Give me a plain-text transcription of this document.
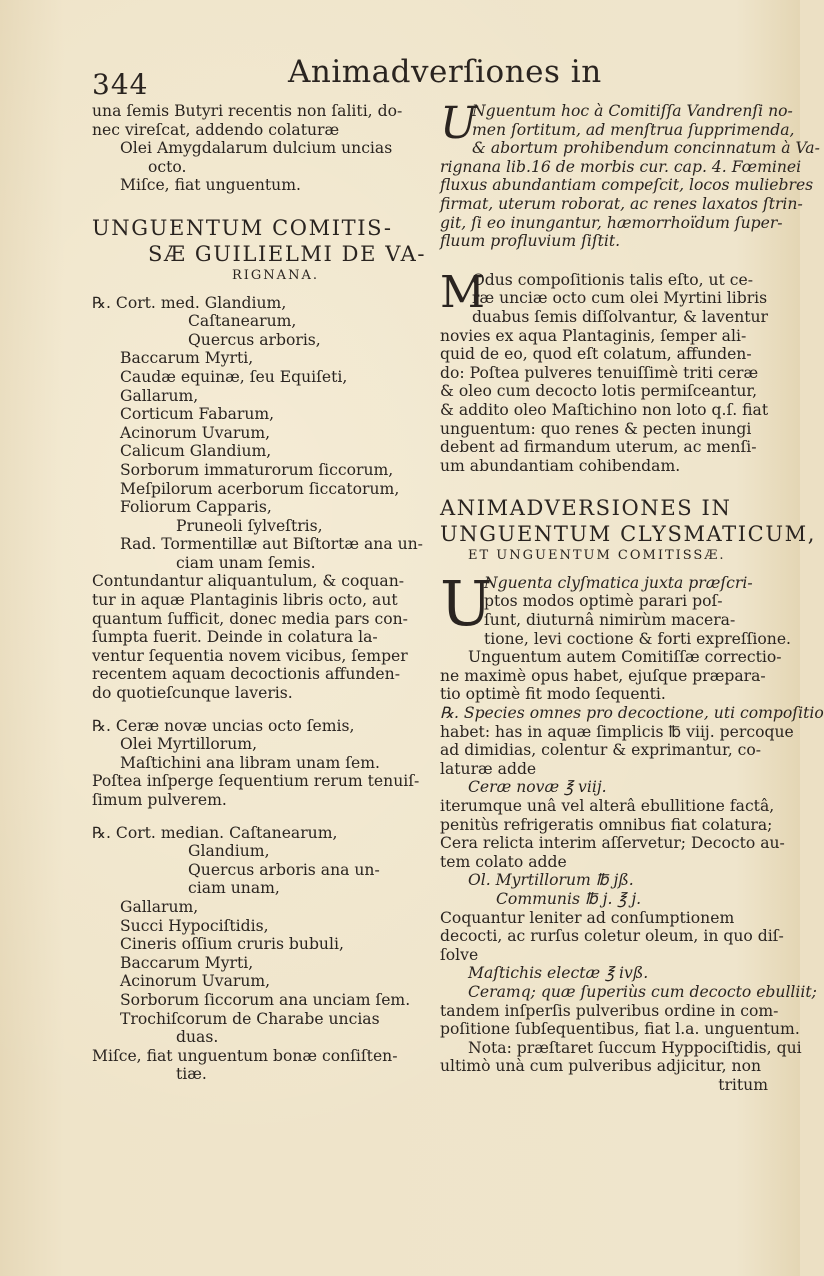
344	Animadverſiones in
una ſemis Butyri recentis non ſaliti, do-
nec vireſcat, addendo colaturæ
Olei Amygdalarum dulcium uncias
octo.
Miſce, fiat unguentum.
UNGUENTUM COMITIS-
SÆ GUILIELMI DE VA-
RIGNANA.
℞. Cort. med. Glandium,
Caſtanearum,
Quercus arboris,
Baccarum Myrti,
Caudæ equinæ, ſeu Equiſeti,
Gallarum,
Corticum Fabarum,
Acinorum Uvarum,
Calicum Glandium,
Sorborum immaturorum ſiccorum,
Meſpilorum acerborum ſiccatorum,
Foliorum Capparis,
Pruneoli ſylveſtris,
Rad. Tormentillæ aut Biſtortæ ana un-
ciam unam ſemis.
Contundantur aliquantulum, & coquan-
tur in aquæ Plantaginis libris octo, aut
quantum ſufficit, donec media pars con-
ſumpta fuerit. Deinde in colatura la-
ventur ſequentia novem vicibus, ſemper
recentem aquam decoctionis affunden-
do quotieſcunque laveris.
℞. Ceræ novæ uncias octo ſemis,
Olei Myrtillorum,
Maſtichini ana libram unam ſem.
Poſtea inſperge ſequentium rerum tenuiſ-
ſimum pulverem.
℞. Cort. median. Caſtanearum,
Glandium,
Quercus arboris ana un-
ciam unam,
Gallarum,
Succi Hypociſtidis,
Cineris oſſium cruris bubuli,
Baccarum Myrti,
Acinorum Uvarum,
Sorborum ſiccorum ana unciam ſem.
Trochiſcorum de Charabe uncias
duas.
Miſce, fiat unguentum bonæ conſiſten-
tiæ.
U
Nguentum hoc à Comitiſſa Vandrenſi no-
men ſortitum, ad menſtrua ſupprimenda,
& abortum prohibendum concinnatum à Va-
rignana lib.16 de morbis cur. cap. 4. Fœminei
fluxus abundantiam compeſcit, locos muliebres
firmat, uterum roborat, ac renes laxatos ſtrin-
git, ſi eo inungantur, hæmorrhoïdum ſuper-
fluum profluvium ſiſtit.
M
Odus compoſitionis talis eſto, ut ce-
ræ unciæ octo cum olei Myrtini libris
duabus ſemis diſſolvantur, & laventur
novies ex aqua Plantaginis, ſemper ali-
quid de eo, quod eſt colatum, affunden-
do: Poſtea pulveres tenuiſſimè triti ceræ
& oleo cum decocto lotis permiſceantur,
& addito oleo Maſtichino non loto q.ſ. fiat
unguentum: quo renes & pecten inungi
debent ad firmandum uterum, ac menſi-
um abundantiam cohibendam.
ANIMADVERSIONES IN
UNGUENTUM CLYSMATICUM,
ET UNGUENTUM COMITISSÆ.
U
Nguenta clyſmatica juxta præſcri-
ptos modos optimè parari poſ-
ſunt, diuturnâ nimirùm macera-
tione, levi coctione & forti expreſſione.
Unguentum autem Comitiſſæ correctio-
ne maximè opus habet, ejuſque præpara-
tio optimè fit modo ſequenti.
℞. Species omnes pro decoctione, uti compoſitio
habet: has in aquæ ſimplicis ℔ viij. percoque
ad dimidias, colentur & exprimantur, co-
laturæ adde
Ceræ novæ ℥ viij.
iterumque unâ vel alterâ ebullitione factâ,
penitùs refrigeratis omnibus fiat colatura;
Cera relicta interim aſſervetur; Decocto au-
tem colato adde
Ol. Myrtillorum ℔ jß.
Communis ℔ j. ℥ j.
Coquantur leniter ad conſumptionem
decocti, ac rurſus coletur oleum, in quo diſ-
ſolve
Maſtichis electæ ℥ ivß.
Ceramq; quæ ſuperiùs cum decocto ebulliit;
tandem inſperſis pulveribus ordine in com-
poſitione ſubſequentibus, fiat l.a. unguentum.
Nota: præſtaret ſuccum Hyppociſtidis, qui
ultimò unà cum pulveribus adjicitur, non
tritum
